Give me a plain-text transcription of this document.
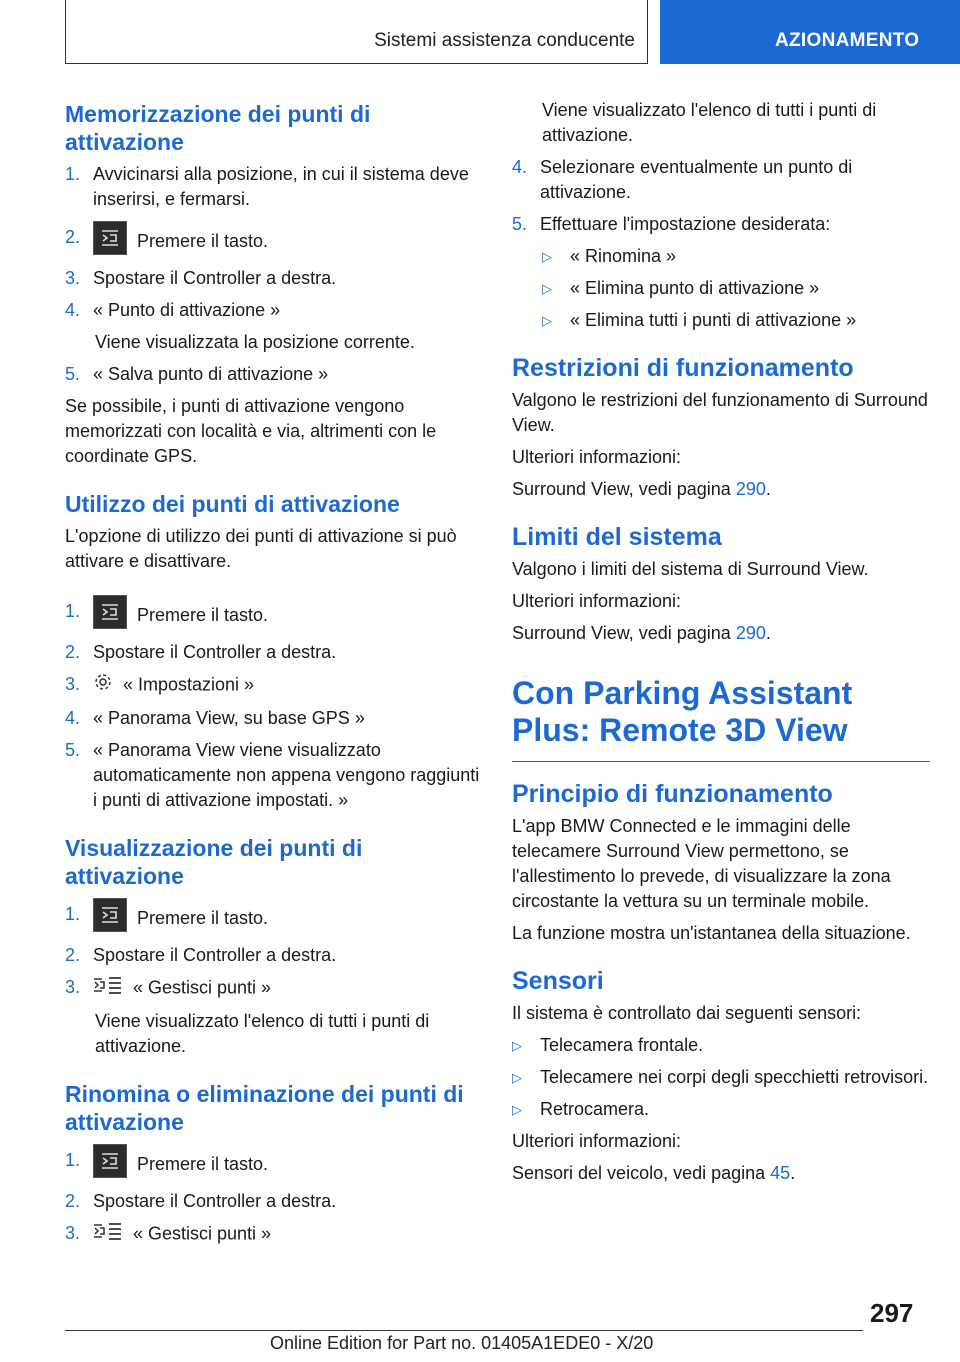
Sistemi assistenza conducente	AZIONAMENTO
Memorizzazione dei punti di attivazione
1. Avvicinarsi alla posizione, in cui il sistema deve inserirsi, e fermarsi.
2.	Premere il tasto.
3. Spostare il Controller a destra.
4. « Punto di attivazione »

Viene visualizzata la posizione corrente.

5. « Salva punto di attivazione »

Se possibile, i punti di attivazione vengono memorizzati con località e via, altrimenti con le coordinate GPS.

Utilizzo dei punti di attivazione

L'opzione di utilizzo dei punti di attivazione si può attivare e disattivare.

1.	Premere il tasto.
2. Spostare il Controller a destra.
3.	« Impostazioni »
4. « Panorama View, su base GPS »
5. « Panorama View viene visualizzato automaticamente non appena vengono raggiunti i punti di attivazione impostati. »
Visualizzazione dei punti di attivazione
1.	Premere il tasto.
2. Spostare il Controller a destra.
3.	« Gestisci punti »

Viene visualizzato l'elenco di tutti i punti di attivazione.

Rinomina o eliminazione dei punti di attivazione
1.	Premere il tasto.
2. Spostare il Controller a destra.
3.	« Gestisci punti »

Viene visualizzato l'elenco di tutti i punti di attivazione.

4. Selezionare eventualmente un punto di attivazione.
5. Effettuare l'impostazione desiderata:
▷	« Rinomina »
▷	« Elimina punto di attivazione »
▷	« Elimina tutti i punti di attivazione »
Restrizioni di funzionamento

Valgono le restrizioni del funzionamento di Surround View.

Ulteriori informazioni:

Surround View, vedi pagina 290.

Limiti del sistema

Valgono i limiti del sistema di Surround View.

Ulteriori informazioni:

Surround View, vedi pagina 290.

Con Parking Assistant Plus: Remote 3D View
Principio di funzionamento

L'app BMW Connected e le immagini delle telecamere Surround View permettono, se l'allestimento lo prevede, di visualizzare la zona circostante la vettura su un terminale mobile.

La funzione mostra un'istantanea della situazione.

Sensori

Il sistema è controllato dai seguenti sensori:

▷	Telecamera frontale.
▷	Telecamere nei corpi degli specchietti retrovisori.
▷	Retrocamera.

Ulteriori informazioni:

Sensori del veicolo, vedi pagina 45.

297
Online Edition for Part no. 01405A1EDE0 - X/20
